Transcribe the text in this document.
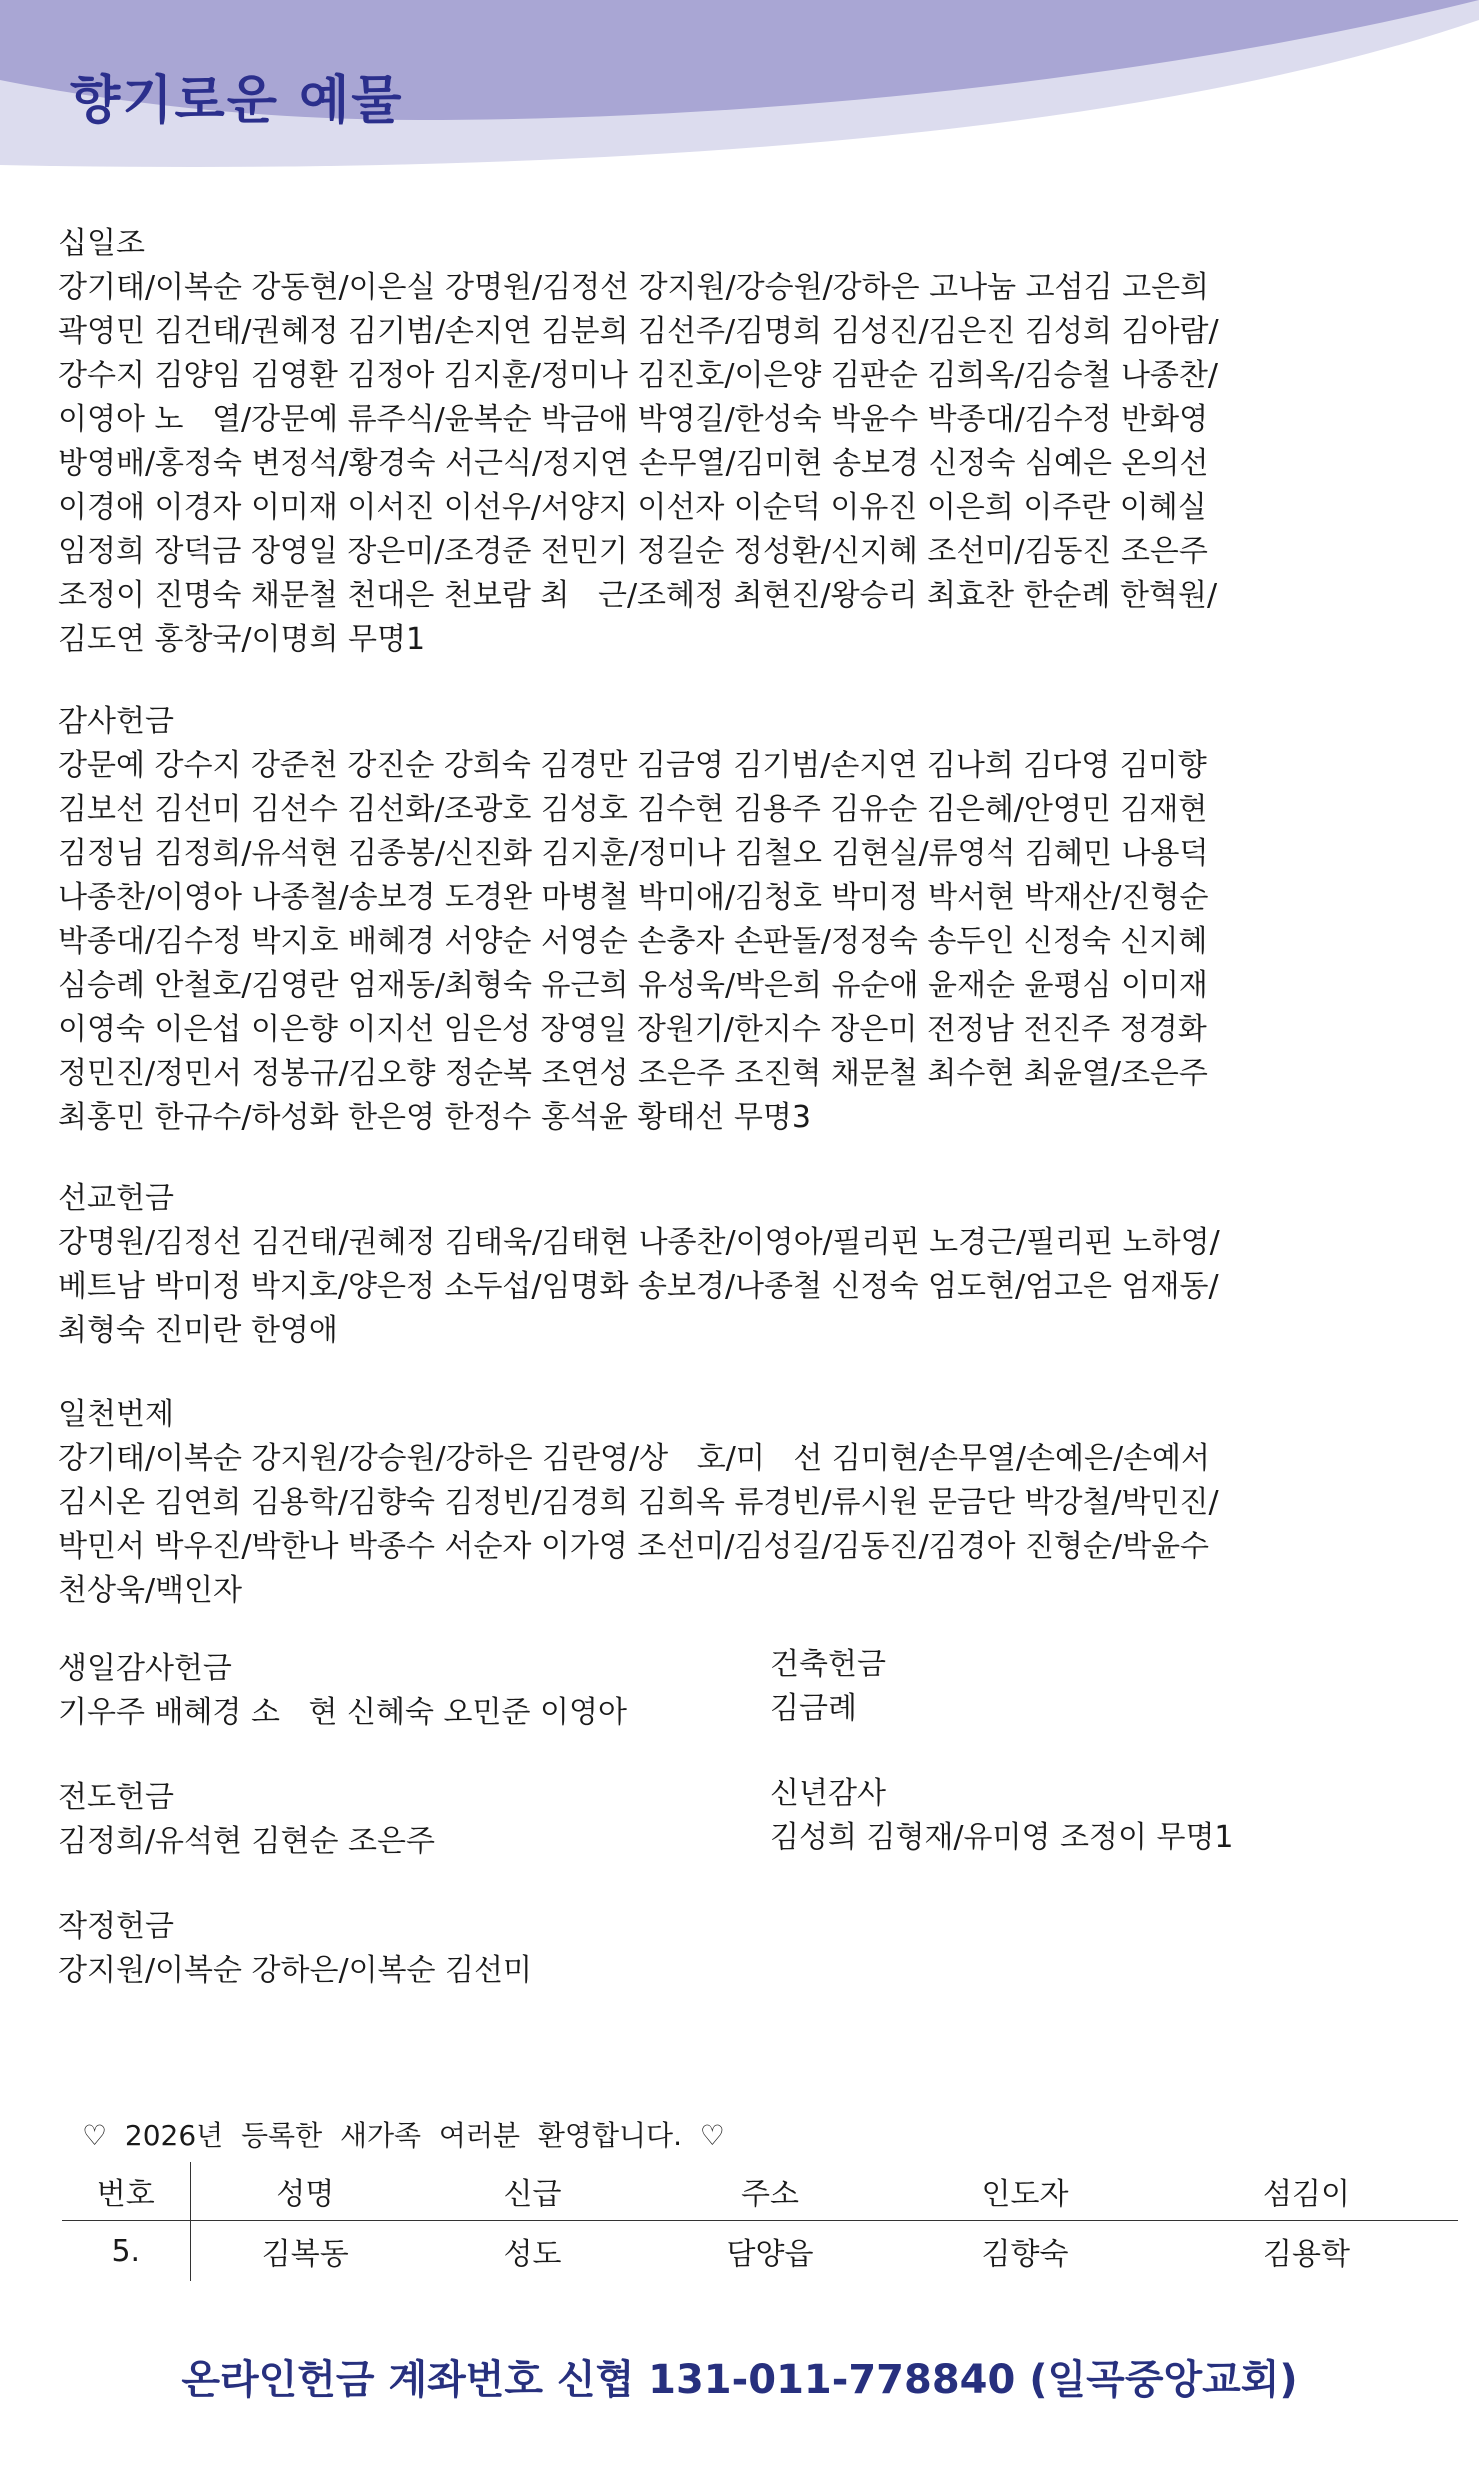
향기로운 예물
십일조
강기태/이복순 강동현/이은실 강명원/김정선 강지원/강승원/강하은 고나눔 고섬김 고은희
곽영민 김건태/권혜정 김기범/손지연 김분희 김선주/김명희 김성진/김은진 김성희 김아람/
강수지 김양임 김영환 김정아 김지훈/정미나 김진호/이은양 김판순 김희옥/김승철 나종찬/
이영아 노   열/강문예 류주식/윤복순 박금애 박영길/한성숙 박윤수 박종대/김수정 반화영
방영배/홍정숙 변정석/황경숙 서근식/정지연 손무열/김미현 송보경 신정숙 심예은 온의선
이경애 이경자 이미재 이서진 이선우/서양지 이선자 이순덕 이유진 이은희 이주란 이혜실
임정희 장덕금 장영일 장은미/조경준 전민기 정길순 정성환/신지혜 조선미/김동진 조은주
조정이 진명숙 채문철 천대은 천보람 최   근/조혜정 최현진/왕승리 최효찬 한순례 한혁원/
김도연 홍창국/이명희 무명1
감사헌금
강문예 강수지 강준천 강진순 강희숙 김경만 김금영 김기범/손지연 김나희 김다영 김미향
김보선 김선미 김선수 김선화/조광호 김성호 김수현 김용주 김유순 김은혜/안영민 김재현
김정님 김정희/유석현 김종봉/신진화 김지훈/정미나 김철오 김현실/류영석 김혜민 나용덕
나종찬/이영아 나종철/송보경 도경완 마병철 박미애/김청호 박미정 박서현 박재산/진형순
박종대/김수정 박지호 배혜경 서양순 서영순 손충자 손판돌/정정숙 송두인 신정숙 신지혜
심승례 안철호/김영란 엄재동/최형숙 유근희 유성욱/박은희 유순애 윤재순 윤평심 이미재
이영숙 이은섭 이은향 이지선 임은성 장영일 장원기/한지수 장은미 전정남 전진주 정경화
정민진/정민서 정봉규/김오향 정순복 조연성 조은주 조진혁 채문철 최수현 최윤열/조은주
최홍민 한규수/하성화 한은영 한정수 홍석윤 황태선 무명3
선교헌금
강명원/김정선 김건태/권혜정 김태욱/김태현 나종찬/이영아/필리핀 노경근/필리핀 노하영/
베트남 박미정 박지호/양은정 소두섭/임명화 송보경/나종철 신정숙 엄도현/엄고은 엄재동/
최형숙 진미란 한영애
일천번제
강기태/이복순 강지원/강승원/강하은 김란영/상   호/미   선 김미현/손무열/손예은/손예서
김시온 김연희 김용학/김향숙 김정빈/김경희 김희옥 류경빈/류시원 문금단 박강철/박민진/
박민서 박우진/박한나 박종수 서순자 이가영 조선미/김성길/김동진/김경아 진형순/박윤수
천상욱/백인자
생일감사헌금
기우주 배혜경 소   현 신혜숙 오민준 이영아
건축헌금
김금례
전도헌금
김정희/유석현 김현순 조은주
신년감사
김성희 김형재/유미영 조정이 무명1
작정헌금
강지원/이복순 강하은/이복순 김선미

♡  2026년  등록한  새가족  여러분  환영합니다.  ♡

번호	성명	신급	주소	인도자	섬김이
5.	김복동	성도	담양읍	김향숙	김용학

온라인헌금 계좌번호 신협 131-011-778840 (일곡중앙교회)
